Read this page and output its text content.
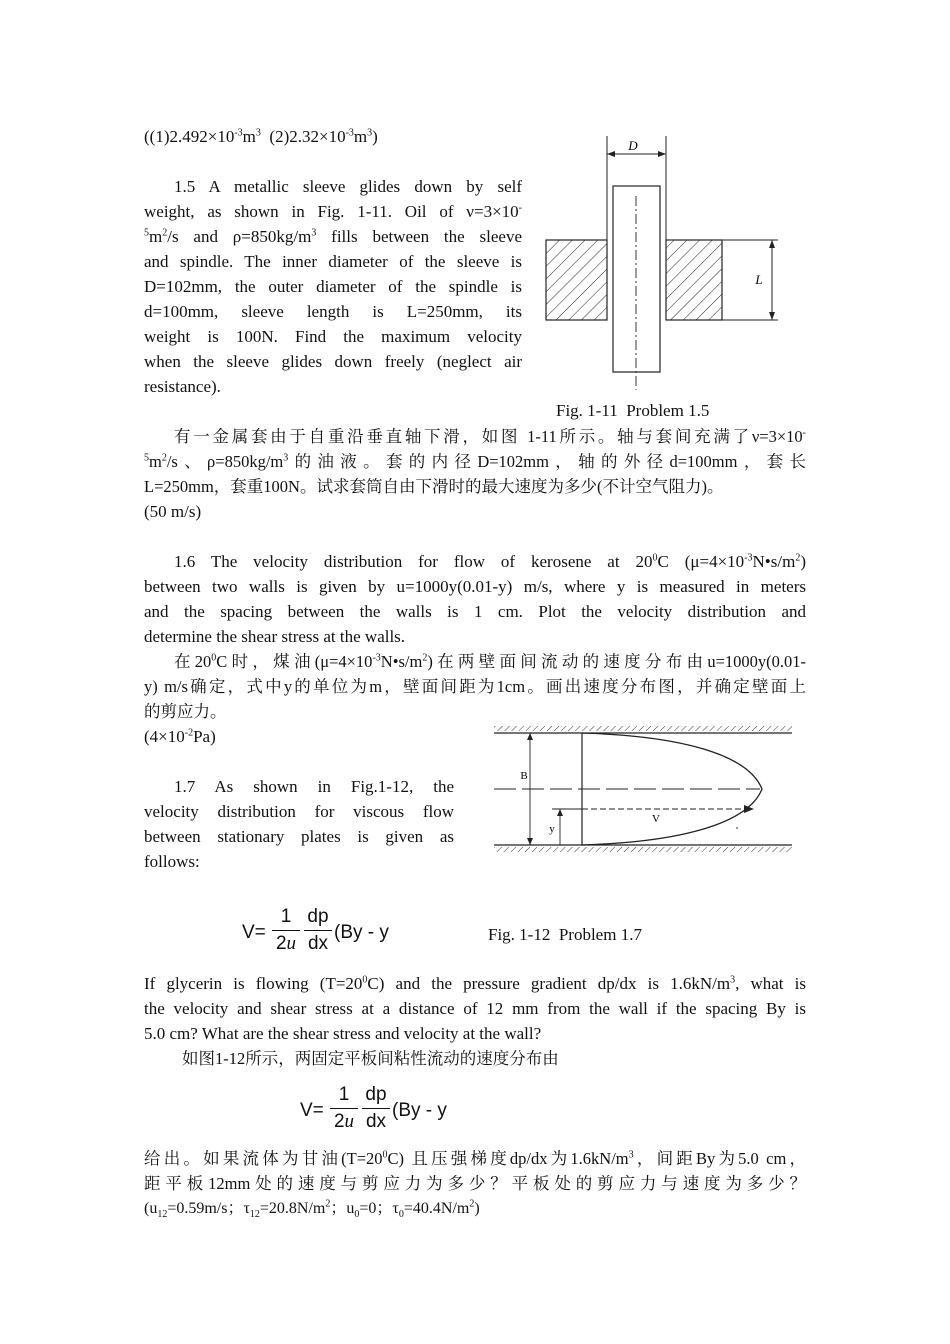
($(1)2.492\times 10^{-3}m^3$  $(2)2.32\times 10^{-3}m^3$)
1.5 A metallic sleeve glides down by self
weight, as shown in Fig. 1-11. Oil of ν=3×10-
$^5m^2/s$ and $\rho=850kg/m^3$ fills between the sleeve
and spindle. The inner diameter of the sleeve is
D=102mm, the outer diameter of the spindle is
d=100mm, sleeve length is L=250mm, its
weight is 100N. Find the maximum velocity
when the sleeve glides down freely (neglect air
resistance).
D
L
Fig. 1-11  Problem 1.5
有一金属套由于自重沿垂直轴下滑，如图 1-11所示。轴与套间充满了ν=3×10-
$^5m^2/s$、$\rho=850kg/m^3$的油液。套的内径D=102mm，轴的外径d=100mm，套长
L=250mm，套重100N。试求套筒自由下滑时的最大速度为多少(不计空气阻力)。
(50 m/s)
1.6 The velocity distribution for flow of kerosene at $20^0C$ $(\mu=4\times 10^{-3}N•s/m^2)$
between two walls is given by u=1000y(0.01-y) m/s, where y is measured in meters
and the spacing between the walls is 1 cm. Plot the velocity distribution and
determine the shear stress at the walls.
在$20^0C$时，煤油$(\mu=4\times 10^{-3}N•s/m^2)$在两壁面间流动的速度分布由u=1000y(0.01-
y) m/s确定，式中y的单位为m，壁面间距为1cm。画出速度分布图，并确定壁面上
的剪应力。
$(4\times 10^{-2}Pa)$
B
V
y
1.7 As shown in Fig.1-12, the
velocity distribution for viscous flow
between stationary plates is given as
follows:
V=
1
2u
dp
dx
(By - y	Fig. 1-12  Problem 1.7
If glycerin is flowing $(T=20^0C)$ and the pressure gradient dp/dx is $1.6kN/m^3$, what is
the velocity and shear stress at a distance of 12 mm from the wall if the spacing By is
5.0 cm? What are the shear stress and velocity at the wall?
如图1-12所示，两固定平板间粘性流动的速度分布由
V=
1
2u
dp
dx
(By - y
给出。如果流体为甘油$(T=20^0C)$ 且压强梯度dp/dx为$1.6kN/m^3$，间距By为5.0 cm，
距平板12mm处的速度与剪应力为多少？平板处的剪应力与速度为多少？
($u_{12}=0.59m/s$；$\tau_{12}=20.8N/m^2$；$u_0=0$；$\tau_0=40.4N/m^2$)
